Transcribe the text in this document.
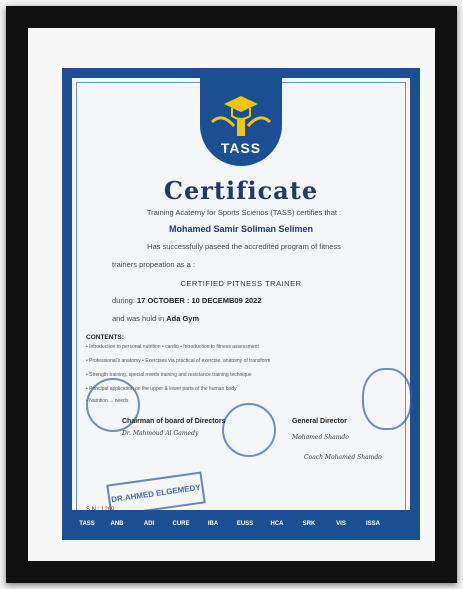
TASS
Certificate
Training Acaterny for Sports Scienos (TASS) certifies that :
Mohamed Samir Soliman Selimen
Has successfully paseed the accredited program of fitness
trainers propeation as a :
CERTIFIED PITNESS TRAINER
during: 17 OCTOBER : 10 DECEMB09 2022
and was huld in Ada Gym
CONTENTS:
• Introduction to personal nutrition • cardio • Introduction to fitness assessment
• Professional's anatomy • Exercises via practical of exercise, anatomy of transform
• Strength training, special needs training and resistance training technique
• Principal application on the upper & lower parts of the human body
• Nutrition ... needs
Chairman of board of Directors
Dr. Mahmoud Al Gamedy
General Director
Mohamed Shamdo
Coach Mohamed Shamdo
DR.AHMED ELGEMEDY
TASS	ANB	ADI	CURE	IBA	EUSS	HCA	SRK	VIS	ISSA
